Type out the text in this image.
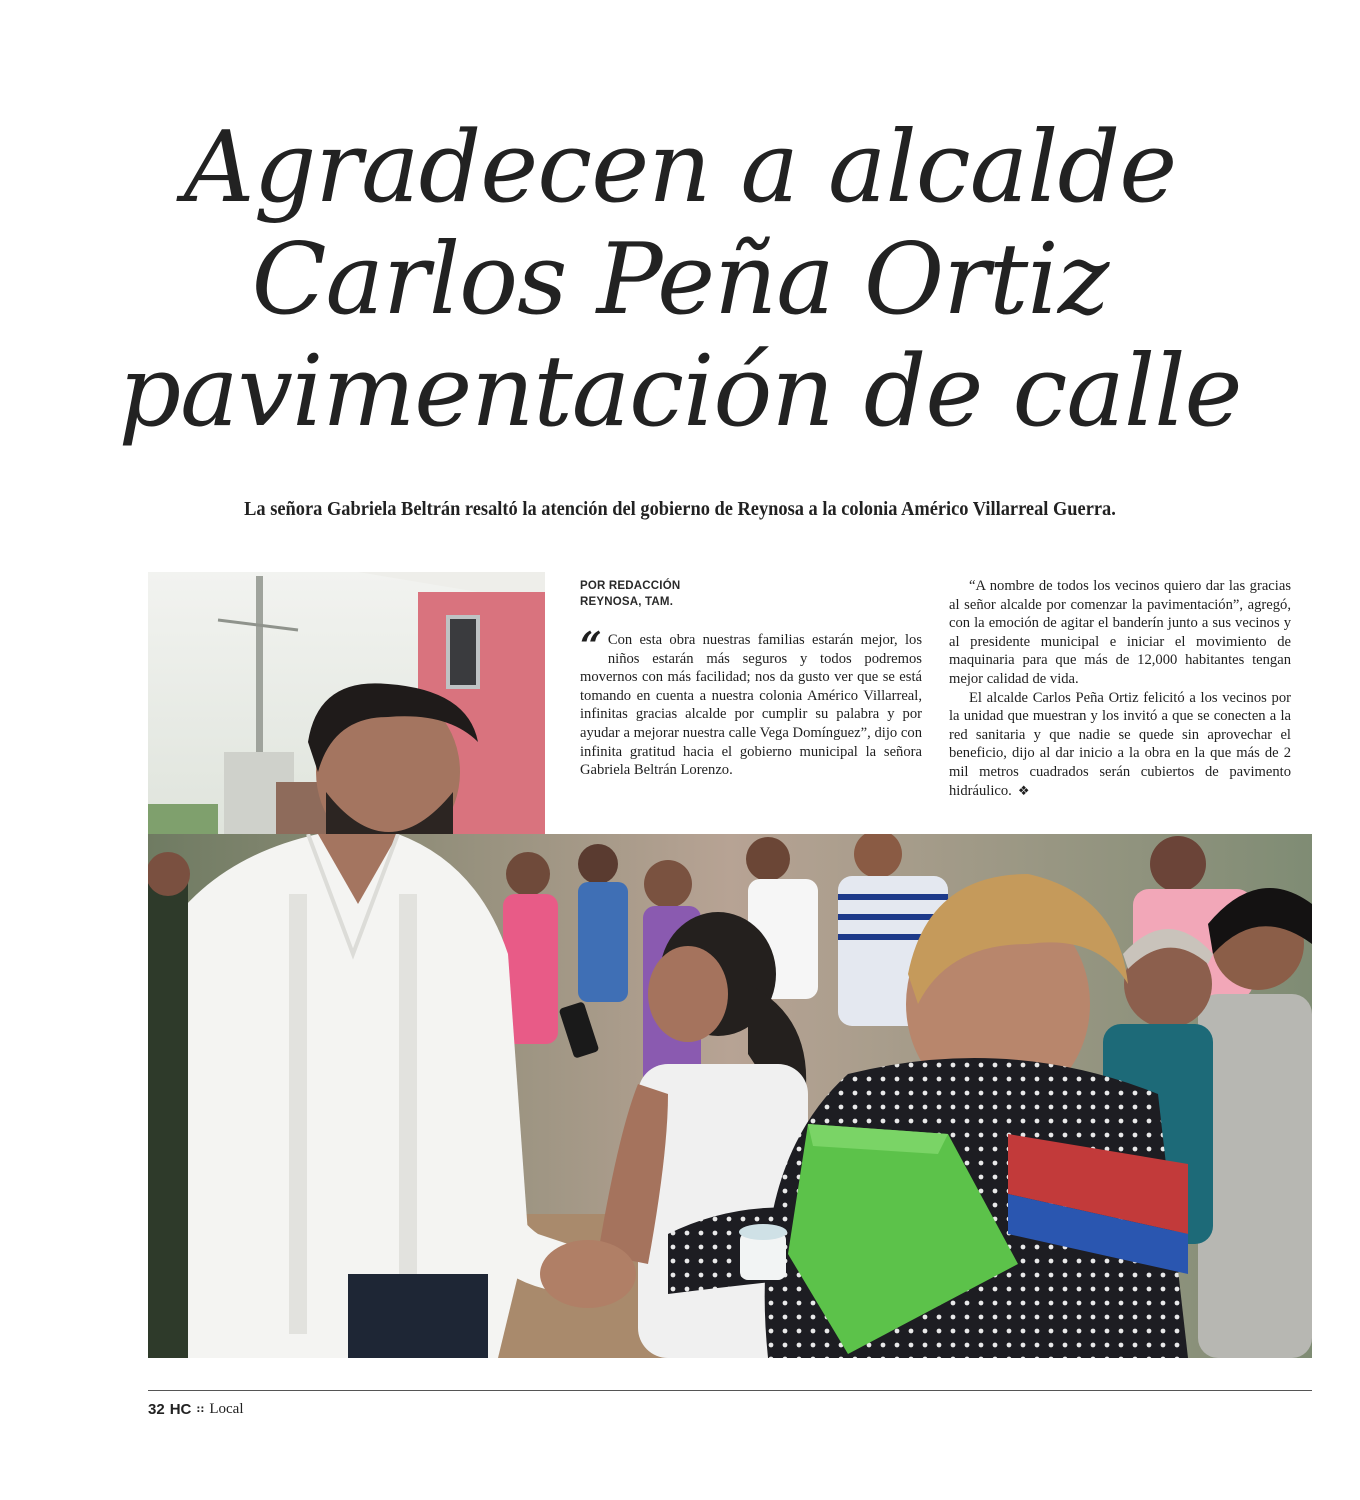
Agradecen a alcalde
Carlos Peña Ortiz
pavimentación de calle
La señora Gabriela Beltrán resaltó la atención del gobierno de Reynosa a la colonia Américo Villarreal Guerra.
POR REDACCIÓN
REYNOSA, TAM.
“ Con esta obra nuestras familias estarán mejor, los niños estarán más seguros y todos podremos movernos con más facilidad; nos da gusto ver que se está tomando en cuenta a nuestra colonia Américo Villarreal, infinitas gracias alcalde por cumplir su palabra y por ayudar a mejorar nuestra calle Vega Domínguez”, dijo con infinita gratitud hacia el gobierno municipal la señora Gabriela Beltrán Lorenzo.

“A nombre de todos los vecinos quiero dar las gracias al señor alcalde por comenzar la pavimentación”, agregó, con la emoción de agitar el banderín junto a sus vecinos y al presidente municipal e iniciar el movimiento de maquinaria para que más de 12,000 habitantes tengan mejor calidad de vida.

El alcalde Carlos Peña Ortiz felicitó a los vecinos por la unidad que muestran y los invitó a que se conecten a la red sanitaria y que nadie se quede sin aprovechar el beneficio, dijo al dar inicio a la obra en la que más de 2 mil metros cuadrados serán cubiertos de pavimento hidráulico. ❖

32 HC :: Local
